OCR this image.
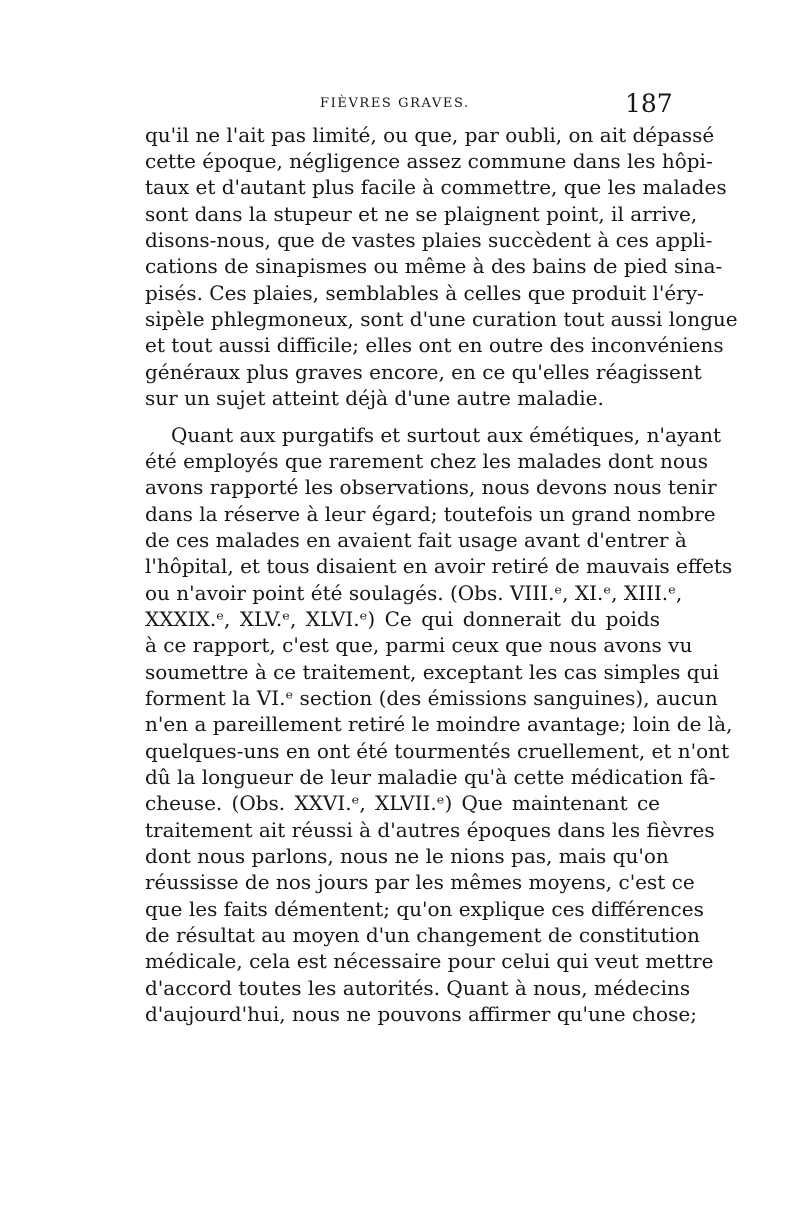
FIÈVRES GRAVES.	187
qu'il ne l'ait pas limité, ou que, par oubli, on ait dépassé
cette époque, négligence assez commune dans les hôpi-
taux et d'autant plus facile à commettre, que les malades
sont dans la stupeur et ne se plaignent point, il arrive,
disons-nous, que de vastes plaies succèdent à ces appli-
cations de sinapismes ou même à des bains de pied sina-
pisés. Ces plaies, semblables à celles que produit l'éry-
sipèle phlegmoneux, sont d'une curation tout aussi longue
et tout aussi difficile; elles ont en outre des inconvéniens
généraux plus graves encore, en ce qu'elles réagissent
sur un sujet atteint déjà d'une autre maladie.
Quant aux purgatifs et surtout aux émétiques, n'ayant
été employés que rarement chez les malades dont nous
avons rapporté les observations, nous devons nous tenir
dans la réserve à leur égard; toutefois un grand nombre
de ces malades en avaient fait usage avant d'entrer à
l'hôpital, et tous disaient en avoir retiré de mauvais effets
ou n'avoir point été soulagés. (Obs. VIII.ᵉ, XI.ᵉ, XIII.ᵉ,
XXXIX.ᵉ, XLV.ᵉ, XLVI.ᵉ) Ce qui donnerait du poids
à ce rapport, c'est que, parmi ceux que nous avons vu
soumettre à ce traitement, exceptant les cas simples qui
forment la VI.ᵉ section (des émissions sanguines), aucun
n'en a pareillement retiré le moindre avantage; loin de là,
quelques-uns en ont été tourmentés cruellement, et n'ont
dû la longueur de leur maladie qu'à cette médication fâ-
cheuse. (Obs. XXVI.ᵉ, XLVII.ᵉ) Que maintenant ce
traitement ait réussi à d'autres époques dans les fièvres
dont nous parlons, nous ne le nions pas, mais qu'on
réussisse de nos jours par les mêmes moyens, c'est ce
que les faits démentent; qu'on explique ces différences
de résultat au moyen d'un changement de constitution
médicale, cela est nécessaire pour celui qui veut mettre
d'accord toutes les autorités. Quant à nous, médecins
d'aujourd'hui, nous ne pouvons affirmer qu'une chose;
